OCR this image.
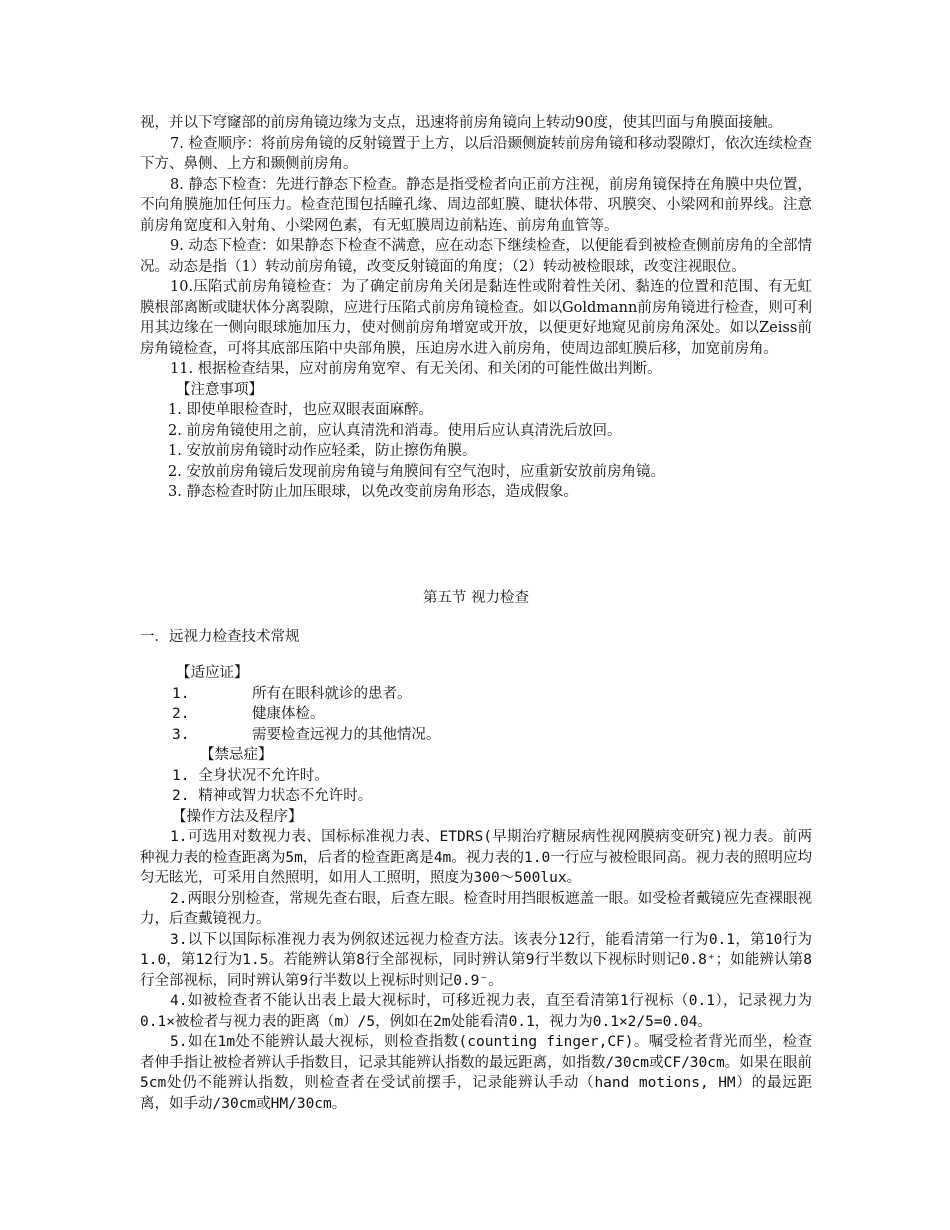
视，并以下穹窿部的前房角镜边缘为支点，迅速将前房角镜向上转动90度，使其凹面与角膜面接触。

7. 检查顺序：将前房角镜的反射镜置于上方，以后沿颞侧旋转前房角镜和移动裂隙灯，依次连续检查下方、鼻侧、上方和颞侧前房角。

8. 静态下检查：先进行静态下检查。静态是指受检者向正前方注视，前房角镜保持在角膜中央位置，不向角膜施加任何压力。检查范围包括瞳孔缘、周边部虹膜、睫状体带、巩膜突、小梁网和前界线。注意前房角宽度和入射角、小梁网色素，有无虹膜周边前粘连、前房角血管等。

9. 动态下检查：如果静态下检查不满意，应在动态下继续检查，以便能看到被检查侧前房角的全部情况。动态是指（1）转动前房角镜，改变反射镜面的角度；（2）转动被检眼球，改变注视眼位。

10.压陷式前房角镜检查：为了确定前房角关闭是黏连性或附着性关闭、黏连的位置和范围、有无虹膜根部离断或睫状体分离裂隙，应进行压陷式前房角镜检查。如以Goldmann前房角镜进行检查，则可利用其边缘在一侧向眼球施加压力，使对侧前房角增宽或开放，以便更好地窥见前房角深处。如以Zeiss前房角镜检查，可将其底部压陷中央部角膜，压迫房水进入前房角，使周边部虹膜后移，加宽前房角。

11. 根据检查结果，应对前房角宽窄、有无关闭、和关闭的可能性做出判断。

【注意事项】

1. 即使单眼检查时，也应双眼表面麻醉。

2. 前房角镜使用之前，应认真清洗和消毒。使用后应认真清洗后放回。

1. 安放前房角镜时动作应轻柔，防止擦伤角膜。

2. 安放前房角镜后发现前房角镜与角膜间有空气泡时，应重新安放前房角镜。

3. 静态检查时防止加压眼球，以免改变前房角形态，造成假象。

第五节 视力检查

一．远视力检查技术常规

【适应证】

1.	所有在眼科就诊的患者。

2.	健康体检。

3.	需要检查远视力的其他情况。

【禁忌症】

1. 全身状况不允许时。

2. 精神或智力状态不允许时。

【操作方法及程序】

1.可选用对数视力表、国标标准视力表、ETDRS(早期治疗糖尿病性视网膜病变研究)视力表。前两种视力表的检查距离为5m，后者的检查距离是4m。视力表的1.0一行应与被检眼同高。视力表的照明应均匀无眩光，可采用自然照明，如用人工照明，照度为300～500lux。

2.两眼分别检查，常规先查右眼，后查左眼。检查时用挡眼板遮盖一眼。如受检者戴镜应先查裸眼视力，后查戴镜视力。

3.以下以国际标准视力表为例叙述远视力检查方法。该表分12行，能看清第一行为0.1，第10行为1.0，第12行为1.5。若能辨认第8行全部视标，同时辨认第9行半数以下视标时则记0.8⁺；如能辨认第8行全部视标，同时辨认第9行半数以上视标时则记0.9⁻。

4.如被检查者不能认出表上最大视标时，可移近视力表，直至看清第1行视标（0.1），记录视力为0.1×被检者与视力表的距离（m）/5，例如在2m处能看清0.1，视力为0.1×2/5=0.04。

5.如在1m处不能辨认最大视标，则检查指数(counting finger,CF)。嘱受检者背光而坐，检查者伸手指让被检者辨认手指数目，记录其能辨认指数的最远距离，如指数/30cm或CF/30cm。如果在眼前5cm处仍不能辨认指数，则检查者在受试前摆手，记录能辨认手动（hand motions, HM）的最远距离，如手动/30cm或HM/30cm。
